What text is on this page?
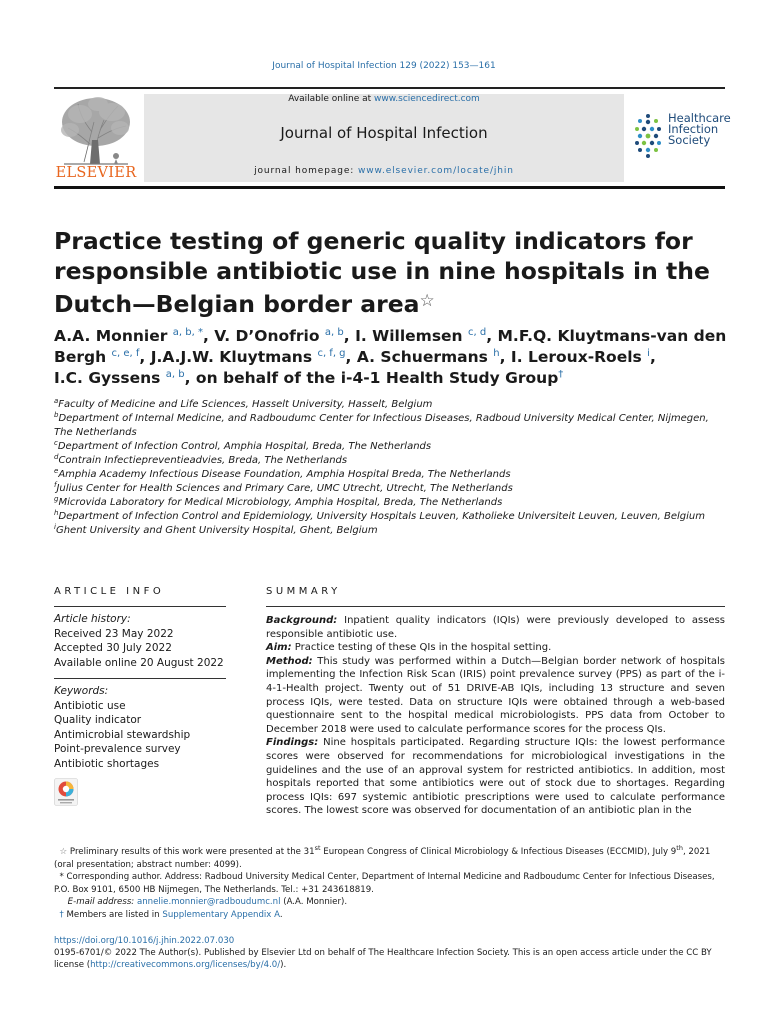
Journal of Hospital Infection 129 (2022) 153—161
ELSEVIER
Available online at www.sciencedirect.com
Journal of Hospital Infection
journal homepage: www.elsevier.com/locate/jhin
Healthcare
Infection
Society
Practice testing of generic quality indicators for responsible antibiotic use in nine hospitals in the Dutch—Belgian border area☆
A.A. Monnier $^{a, b, *}$, V. D’Onofrio $^{a, b}$, I. Willemsen $^{c, d}$, M.F.Q. Kluytmans-van den Bergh $^{c, e, f}$, J.A.J.W. Kluytmans $^{c, f, g}$, A. Schuermans $^h$, I. Leroux-Roels $^i$,
I.C. Gyssens $^{a, b}$, on behalf of the i-4-1 Health Study Group†
$^a$Faculty of Medicine and Life Sciences, Hasselt University, Hasselt, Belgium
$^b$Department of Internal Medicine, and Radboudumc Center for Infectious Diseases, Radboud University Medical Center, Nijmegen, The Netherlands
$^c$Department of Infection Control, Amphia Hospital, Breda, The Netherlands
$^d$Contrain Infectiepreventieadvies, Breda, The Netherlands
$^e$Amphia Academy Infectious Disease Foundation, Amphia Hospital Breda, The Netherlands
$^f$Julius Center for Health Sciences and Primary Care, UMC Utrecht, Utrecht, The Netherlands
$^g$Microvida Laboratory for Medical Microbiology, Amphia Hospital, Breda, The Netherlands
$^h$Department of Infection Control and Epidemiology, University Hospitals Leuven, Katholieke Universiteit Leuven, Leuven, Belgium
$^i$Ghent University and Ghent University Hospital, Ghent, Belgium
ARTICLE INFO
Article history:
Received 23 May 2022
Accepted 30 July 2022
Available online 20 August 2022
Keywords:
Antibiotic use
Quality indicator
Antimicrobial stewardship
Point-prevalence survey
Antibiotic shortages
SUMMARY
Background: Inpatient quality indicators (IQIs) were previously developed to assess responsible antibiotic use.
Aim: Practice testing of these QIs in the hospital setting.
Method: This study was performed within a Dutch—Belgian border network of hospitals implementing the Infection Risk Scan (IRIS) point prevalence survey (PPS) as part of the i-4-1-Health project. Twenty out of 51 DRIVE-AB IQIs, including 13 structure and seven process IQIs, were tested. Data on structure IQIs were obtained through a web-based questionnaire sent to the hospital medical microbiologists. PPS data from October to December 2018 were used to calculate performance scores for the process QIs.
Findings: Nine hospitals participated. Regarding structure IQIs: the lowest performance scores were observed for recommendations for microbiological investigations in the guidelines and the use of an approval system for restricted antibiotics. In addition, most hospitals reported that some antibiotics were out of stock due to shortages. Regarding process IQIs: 697 systemic antibiotic prescriptions were used to calculate performance scores. The lowest score was observed for documentation of an antibiotic plan in the

☆ Preliminary results of this work were presented at the 31st European Congress of Clinical Microbiology & Infectious Diseases (ECCMID), July 9th, 2021 (oral presentation; abstract number: 4099).

* Corresponding author. Address: Radboud University Medical Center, Department of Internal Medicine and Radboudumc Center for Infectious Diseases, P.O. Box 9101, 6500 HB Nijmegen, The Netherlands. Tel.: +31 243618819.

E-mail address: annelie.monnier@radboudumc.nl (A.A. Monnier).

† Members are listed in Supplementary Appendix A.

https://doi.org/10.1016/j.jhin.2022.07.030

0195-6701/© 2022 The Author(s). Published by Elsevier Ltd on behalf of The Healthcare Infection Society. This is an open access article under the CC BY license (http://creativecommons.org/licenses/by/4.0/).
